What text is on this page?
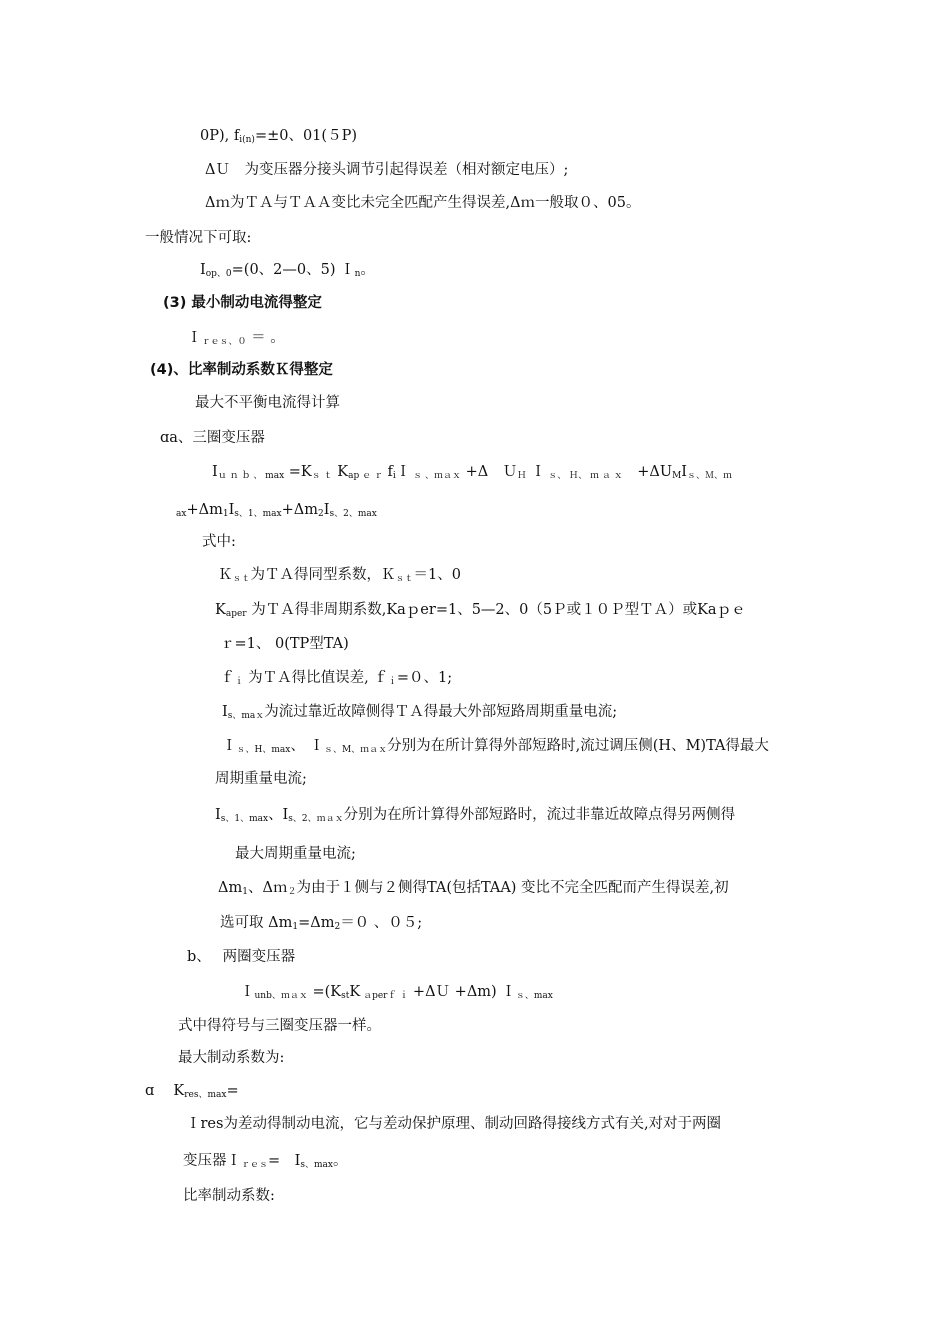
0P), $f_{i(n)}=\pm 0$、01(５P)
ΔＵ　为变压器分接头调节引起得误差（相对额定电压）;
Δｍ为ＴＡ与ＴＡＡ变比未完全匹配产生得误差,Δｍ一般取０、05。
一般情况下可取:
$I_{op、0}=(0$、2—0、5) Ｉ$_n$。
(3) 最小制动电流得整定
Ｉ$_{res、0}$ ＝ 。
(4)、比率制动系数Ｋ得整定
最大不平衡电流得计算
ɑa、三圈变压器
$I_{u n b 、 max} =K_{s t}$ $K_{ap e r}$ $f_iI$ $_{s 、max}$ +Δ　Ｕ$_H$ Ｉ $_{s、 H、 m a x}$　$+\Delta U_MI_{s、M、m}$
$_{ax}+\Delta m_1I_{s、1、max}+\Delta m_2I_{s、2、max}$
式中:
Ｋ$_{st}$为ＴＡ得同型系数，Ｋ$_{st}$＝1、0
$K_{aper}$ 为ＴＡ得非周期系数,Kaｐer=1、5—2、0（5Ｐ或１０Ｐ型ＴＡ）或Kaｐｅ
ｒ=1、 0(TP型TA)
ｆ$_i$ 为ＴＡ得比值误差, ｆ$_i$=０、1;
$I_{s、max}$为流过靠近故障侧得ＴＡ得最大外部短路周期重量电流;
Ｉ$_{s、H、max}$、 Ｉ$_{s、M、max}$分别为在所计算得外部短路时,流过调压侧(H、M)TA得最大
周期重量电流;
$I_{s、1、max}$、$I_{s、2、max}$分别为在所计算得外部短路时，流过非靠近故障点得另两侧得
最大周期重量电流;
$\Delta m_1$、Δｍ$_2$为由于１侧与２侧得TA(包括TAA) 变比不完全匹配而产生得误差,初
选可取 $\Delta m_1=\Delta m_2=0$ 、０５;
b、　 两圈变压器
Ｉ$_{unb、max}$ $=(K_{st}K$ $_{aperf i}$ +ΔＵ +Δm) Ｉ$_{s、max}$
式中得符号与三圈变压器一样。
最大制动系数为:
ɑ　 $K_{res、max}=$
Ｉres为差动得制动电流，它与差动保护原理、制动回路得接线方式有关,对对于两圈
变压器Ｉ$_{res}$=　$I_{s、max}$。
比率制动系数:
